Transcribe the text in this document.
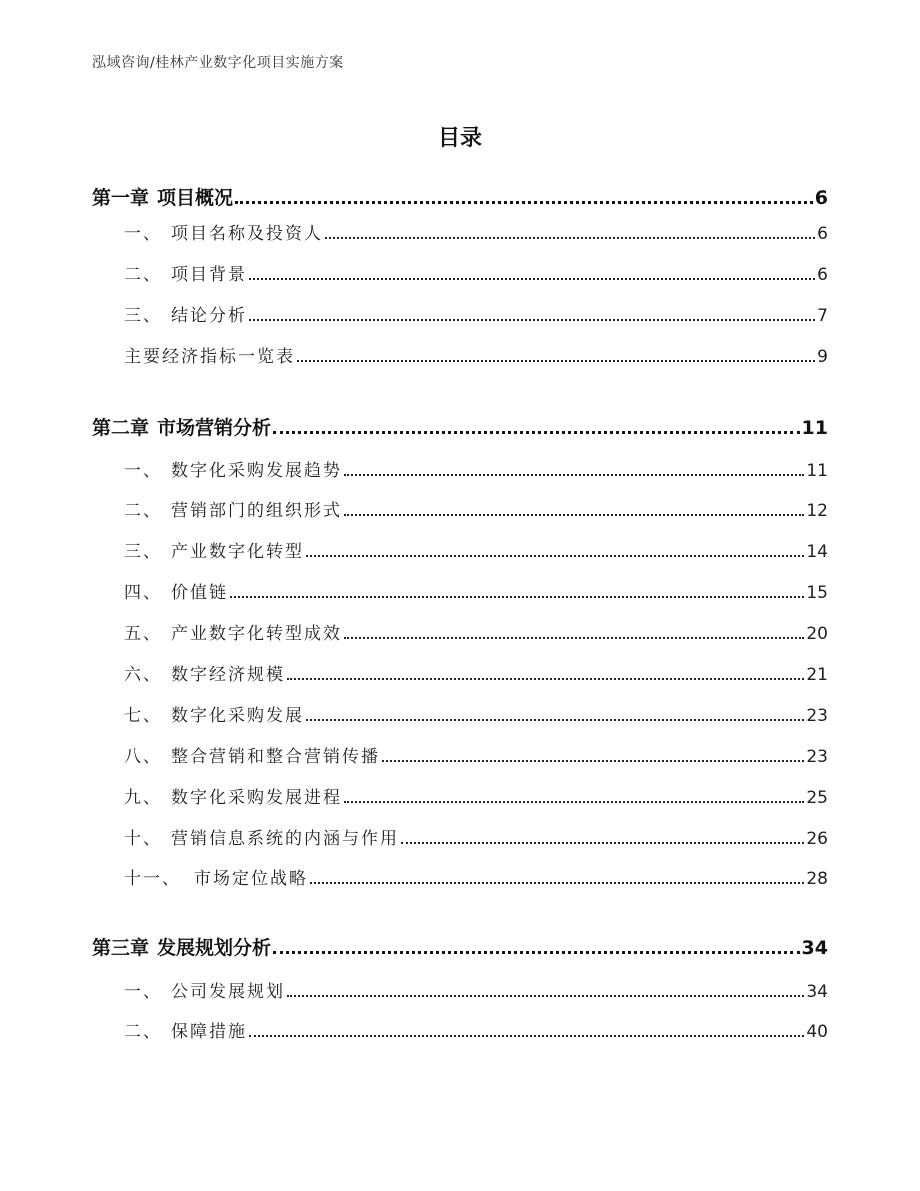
泓域咨询/桂林产业数字化项目实施方案
目录
第一章 项目概况	6
一、 项目名称及投资人	6
二、 项目背景	6
三、 结论分析	7
主要经济指标一览表	9
第二章 市场营销分析	11
一、 数字化采购发展趋势	11
二、 营销部门的组织形式	12
三、 产业数字化转型	14
四、 价值链	15
五、 产业数字化转型成效	20
六、 数字经济规模	21
七、 数字化采购发展	23
八、 整合营销和整合营销传播	23
九、 数字化采购发展进程	25
十、 营销信息系统的内涵与作用	26
十一、 市场定位战略	28
第三章 发展规划分析	34
一、 公司发展规划	34
二、 保障措施	40
